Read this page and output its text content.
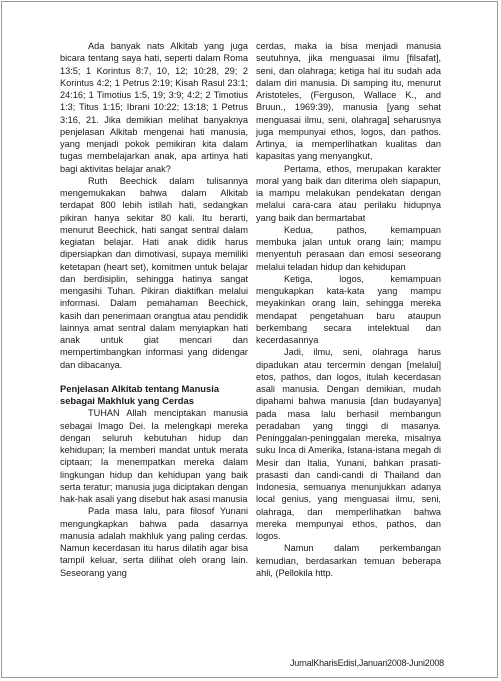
Ada banyak nats Alkitab yang juga bicara tentang saya hati, seperti dalam Roma 13:5; 1 Korintus 8:7, 10, 12; 10:28, 29; 2 Korintus 4:2; 1 Petrus 2:19; Kisah Rasul 23:1; 24:16; 1 Timotius 1:5, 19; 3:9; 4:2; 2 Timotius 1:3; Titus 1:15; Ibrani 10:22; 13:18; 1 Petrus 3:16, 21. Jika demikian melihat banyaknya penjelasan Alkitab mengenai hati manusia, yang menjadi pokok pemikiran kita dalam tugas membelajarkan anak, apa artinya hati bagi aktivitas belajar anak?

Ruth Beechick dalam tulisannya mengemukakan bahwa dalam Alkitab terdapat 800 lebih istilah hati, sedangkan pikiran hanya sekitar 80 kali. Itu berarti, menurut Beechick, hati sangat sentral dalam kegiatan belajar. Hati anak didik harus dipersiapkan dan dimotivasi, supaya memiliki ketetapan (heart set), komitmen untuk belajar dan berdisiplin, sehingga hatinya sangat mengasihi Tuhan. Pikiran diaktifkan melalui informasi. Dalam pemahaman Beechick, kasih dan penerimaan orangtua atau pendidik lainnya amat sentral dalam menyiapkan hati anak untuk giat mencari dan mempertimbangkan informasi yang didengar dan dibacanya.

Penjelasan Alkitab tentang Manusia sebagai Makhluk yang Cerdas

TUHAN Allah menciptakan manusia sebagai Imago Dei. Ia melengkapi mereka dengan seluruh kebutuhan hidup dan kehidupan; Ia memberi mandat untuk merata ciptaan; Ia menempatkan mereka dalam lingkungan hidup dan kehidupan yang baik serta teratur; manusia juga diciptakan dengan hak-hak asali yang disebut hak asasi manusia

Pada masa lalu, para filosof Yunani mengungkapkan bahwa pada dasarnya manusia adalah makhluk yang paling cerdas. Namun kecerdasan itu harus dilatih agar bisa tampil keluar, serta dilihat oleh orang lain. Seseorang yang

cerdas, maka ia bisa menjadi manusia seutuhnya, jika menguasai ilmu [filsafat], seni, dan olahraga; ketiga hal itu sudah ada dalam diri manusia. Di samping itu, menurut Aristoteles, (Ferguson, Wallace K., and Bruun., 1969:39), manusia [yang sehat menguasai ilmu, seni, olahraga] seharusnya juga mempunyai ethos, logos, dan pathos. Artinya, ia memperlihatkan kualitas dan kapasitas yang menyangkut,

Pertama, ethos, merupakan karakter moral yang baik dan diterima oleh siapapun, ia mampu melakukan pendekatan dengan melalui cara-cara atau perilaku hidupnya yang baik dan bermartabat

Kedua, pathos, kemampuan membuka jalan untuk orang lain; mampu menyentuh perasaan dan emosi seseorang melalui teladan hidup dan kehidupan

Ketiga, logos, kemampuan mengukapkan kata-kata yang mampu meyakinkan orang lain, sehingga mereka mendapat pengetahuan baru ataupun berkembang secara intelektual dan kecerdasannya

Jadi, ilmu, seni, olahraga harus dipadukan atau tercermin dengan [melalui] etos, pathos, dan logos, itulah kecerdasan asali manusia. Dengan demikian, mudah dipahami bahwa manusia [dan budayanya] pada masa lalu berhasil membangun peradaban yang tinggi di masanya. Peninggalan-peninggalan mereka, misalnya suku Inca di Amerika, Istana-istana megah di Mesir dan Italia, Yunani, bahkan prasati-prasasti dan candi-candi di Thailand dan Indonesia, semuanya menunjukkan adanya local genius, yang menguasai ilmu, seni, olahraga, dan memperlihatkan bahwa mereka mempunyai ethos, pathos, dan logos.

Namun dalam perkembangan kemudian, berdasarkan temuan beberapa ahli, (Pellokila http.

JurnalKharisEdisI,Januari2008-Juni2008
